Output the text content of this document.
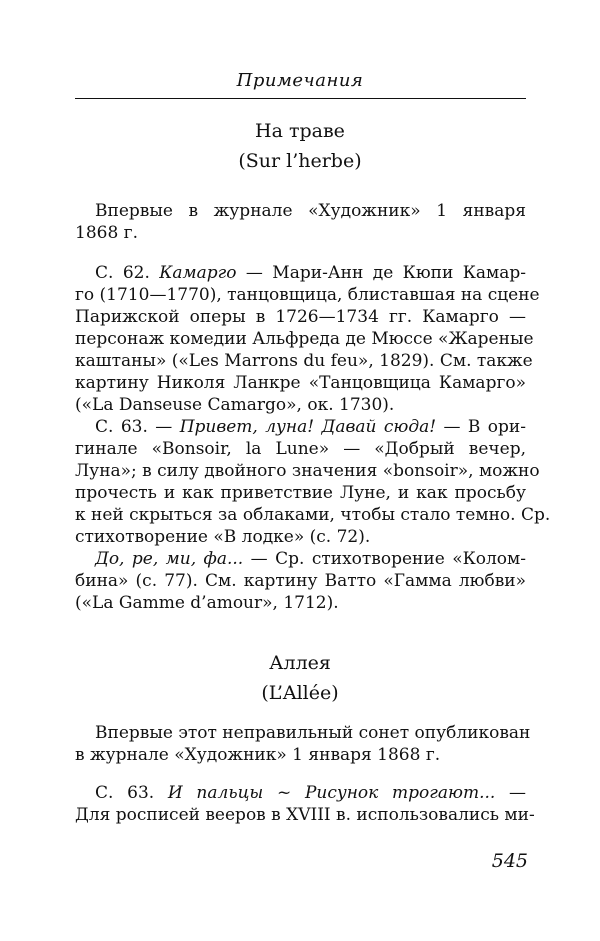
Примечания
На траве
(Sur l’herbe)
Впервые в журнале «Художник» 1 января
1868 г.
С. 62. Камарго — Мари-Анн де Кюпи Камар-
го (1710—1770), танцовщица, блиставшая на сцене
Парижской оперы в 1726—1734 гг. Камарго —
персонаж комедии Альфреда де Мюссе «Жареные
каштаны» («Les Marrons du feu», 1829). См. также
картину Николя Ланкре «Танцовщица Камарго»
(«La Danseuse Camargo», ок. 1730).
С. 63. — Привет, луна! Давай сюда! — В ори-
гинале «Bonsoir, la Lune» — «Добрый вечер,
Луна»; в силу двойного значения «bonsoir», можно
прочесть и как приветствие Луне, и как просьбу
к ней скрыться за облаками, чтобы стало темно. Ср.
стихотворение «В лодке» (с. 72).
До, ре, ми, фа... — Ср. стихотворение «Колом-
бина» (с. 77). См. картину Ватто «Гамма любви»
(«La Gamme d’amour», 1712).
Аллея
(L’Allée)
Впервые этот неправильный сонет опубликован
в журнале «Художник» 1 января 1868 г.
С. 63. И пальцы ~ Рисунок трогают... —
Для росписей вееров в XVIII в. использовались ми-
545
